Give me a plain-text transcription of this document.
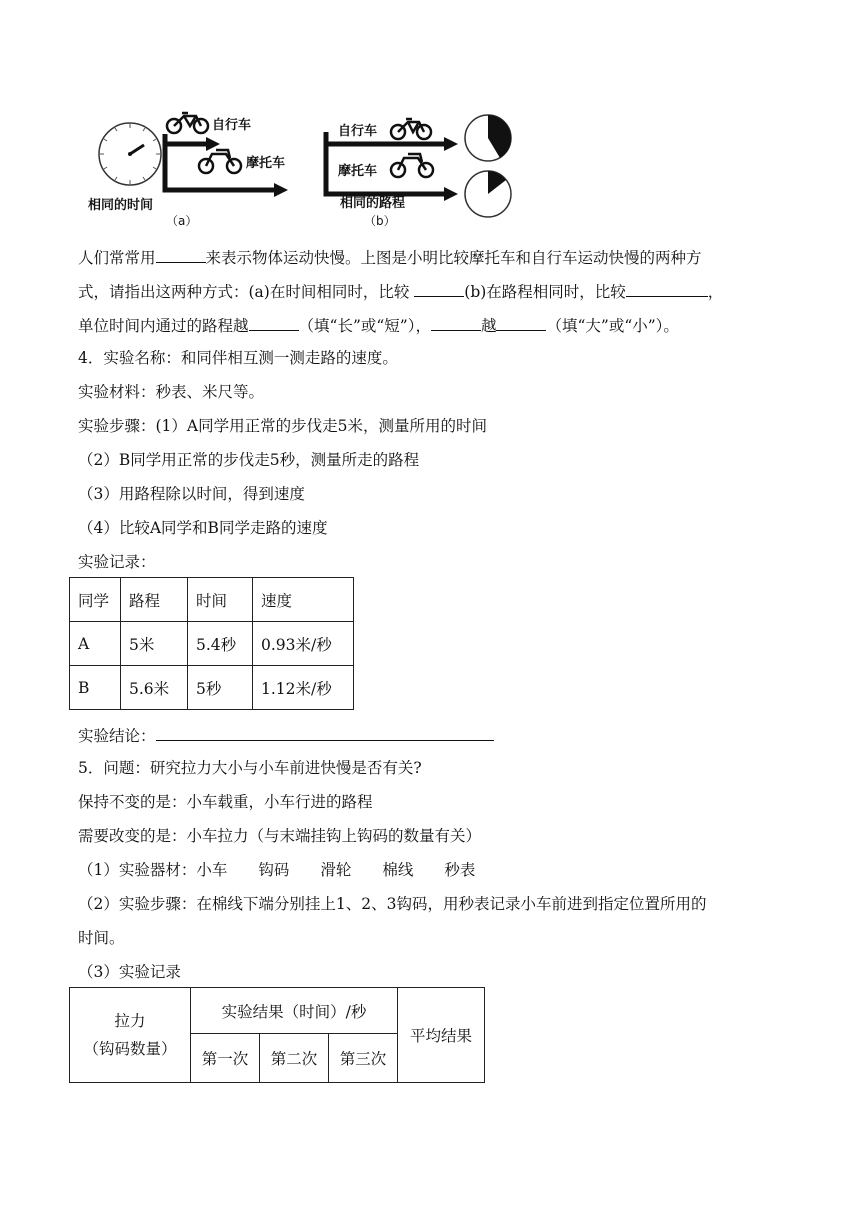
自行车
摩托车
相同的时间
（a）
自行车
摩托车
相同的路程
（b）
人们常常用	来表示物体运动快慢。上图是小明比较摩托车和自行车运动快慢的两种方
式，请指出这两种方式：(a)在时间相同时，比较	(b)在路程相同时，比较	，
单位时间内通过的路程越	（填“长”或“短”），	越	（填“大”或“小”）。
4．实验名称：和同伴相互测一测走路的速度。
实验材料：秒表、米尺等。
实验步骤：(1）A同学用正常的步伐走5米，测量所用的时间
（2）B同学用正常的步伐走5秒，测量所走的路程
（3）用路程除以时间，得到速度
（4）比较A同学和B同学走路的速度
实验记录：
同学	路程	时间	速度
A	5米	5.4秒	0.93米/秒
B	5.6米	5秒	1.12米/秒
实验结论：
5．问题：研究拉力大小与小车前进快慢是否有关?
保持不变的是：小车载重，小车行进的路程
需要改变的是：小车拉力（与末端挂钩上钩码的数量有关）
（1）实验器材：小车　　钩码　　滑轮　　棉线　　秒表
（2）实验步骤：在棉线下端分别挂上1、2、3钩码，用秒表记录小车前进到指定位置所用的
时间。
（3）实验记录
拉力
（钩码数量）	实验结果（时间）/秒			平均结果
	第一次	第二次	第三次	
